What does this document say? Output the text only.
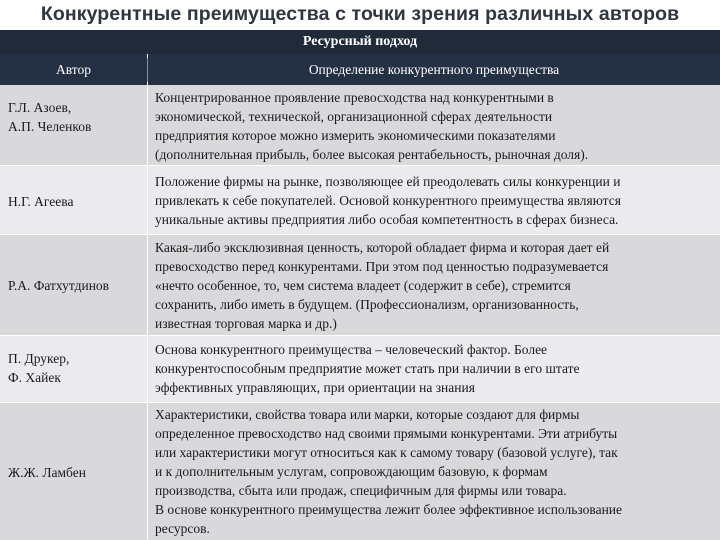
Конкурентные преимущества с точки зрения различных авторов
Ресурсный подход
Автор	Определение конкурентного преимущества
Г.Л. Азоев,
А.П. Челенков
Концентрированное проявление превосходства над конкурентными в
экономической, технической, организационной сферах деятельности
предприятия которое можно измерить экономическими показателями
(дополнительная прибыль, более высокая рентабельность, рыночная доля).
Н.Г. Агеева
Положение фирмы на рынке, позволяющее ей преодолевать силы конкуренции и
привлекать к себе покупателей. Основой конкурентного преимущества являются
уникальные активы предприятия либо особая компетентность в сферах бизнеса.
Р.А. Фатхутдинов
Какая-либо эксклюзивная ценность, которой обладает фирма и которая дает ей
превосходство перед конкурентами. При этом под ценностью подразумевается
«нечто особенное, то, чем система владеет (содержит в себе), стремится
сохранить, либо иметь в будущем. (Профессионализм, организованность,
известная торговая марка и др.)
П. Друкер,
Ф. Хайек
Основа конкурентного преимущества – человеческий фактор. Более
конкурентоспособным предприятие может стать при наличии в его штате
эффективных управляющих, при ориентации на знания
Ж.Ж. Ламбен
Характеристики, свойства товара или марки, которые создают для фирмы
определенное превосходство над своими прямыми конкурентами. Эти атрибуты
или характеристики могут относиться как к самому товару (базовой услуге), так
и к дополнительным услугам, сопровождающим базовую, к формам
производства, сбыта или продаж, специфичным для фирмы или товара.
В основе конкурентного преимущества лежит более эффективное использование
ресурсов.
